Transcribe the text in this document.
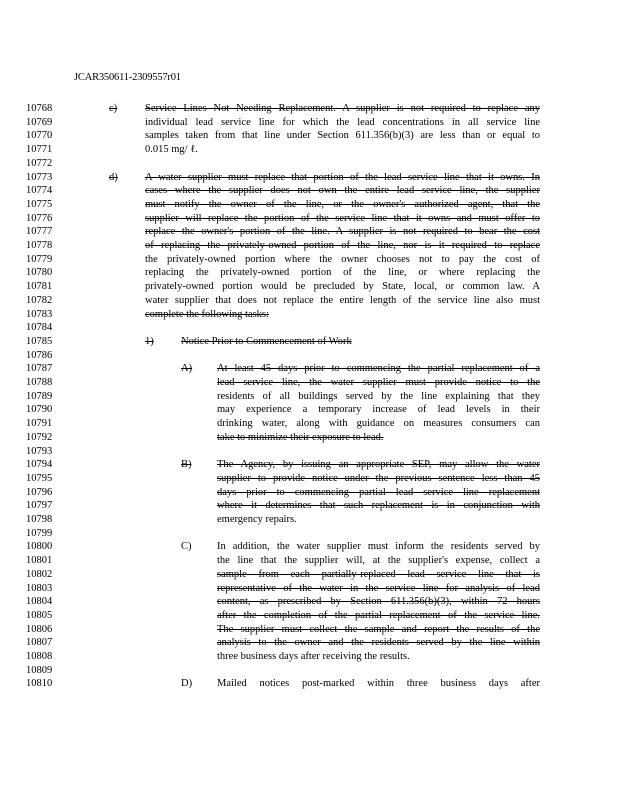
JCAR350611-2309557r01
10768
10769
10770
10771
10772
10773
10774
10775
10776
10777
10778
10779
10780
10781
10782
10783
10784
10785
10786
10787
10788
10789
10790
10791
10792
10793
10794
10795
10796
10797
10798
10799
10800
10801
10802
10803
10804
10805
10806
10807
10808
10809
10810
c)	Service Lines Not Needing Replacement. A supplier is not required to replace any
individual lead service line for which the lead concentrations in all service line
samples taken from that line under Section 611.356(b)(3) are less than or equal to
0.015 mg/ ℓ.
d)	A water supplier must replace that portion of the lead service line that it owns. In
cases where the supplier does not own the entire lead service line, the supplier
must notify the owner of the line, or the owner's authorized agent, that the
supplier will replace the portion of the service line that it owns and must offer to
replace the owner's portion of the line. A supplier is not required to bear the cost
of replacing the privately-owned portion of the line, nor is it required to replace
the privately-owned portion where the owner chooses not to pay the cost of
replacing the privately-owned portion of the line, or where replacing the
privately-owned portion would be precluded by State, local, or common law. A
water supplier that does not replace the entire length of the service line also must
complete the following tasks:
1)	Notice Prior to Commencement of Work
A) At least 45 days prior to commencing the partial replacement of a
lead service line, the water supplier must provide notice to the
residents of all buildings served by the line explaining that they
may experience a temporary increase of lead levels in their
drinking water, along with guidance on measures consumers can
take to minimize their exposure to lead.
B) The Agency, by issuing an appropriate SEP, may allow the water
supplier to provide notice under the previous sentence less than 45
days prior to commencing partial lead service line replacement
where it determines that such replacement is in conjunction with
emergency repairs.
C) In addition, the water supplier must inform the residents served by
the line that the supplier will, at the supplier's expense, collect a
sample from each partially-replaced lead service line that is
representative of the water in the service line for analysis of lead
content, as prescribed by Section 611.356(b)(3), within 72 hours
after the completion of the partial replacement of the service line.
The supplier must collect the sample and report the results of the
analysis to the owner and the residents served by the line within
three business days after receiving the results.
D) Mailed notices post-marked within three business days after
